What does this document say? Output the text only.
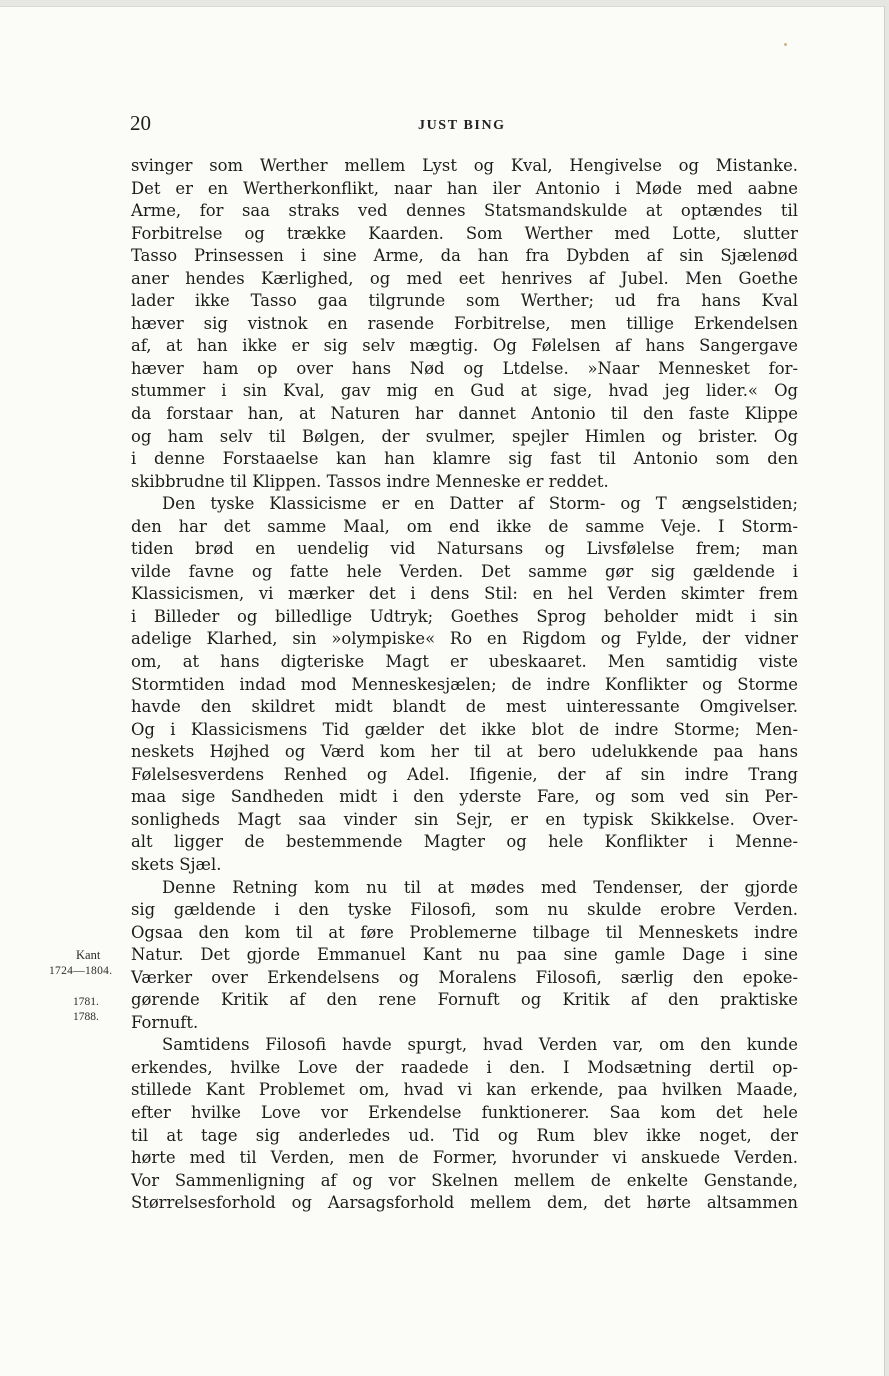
20	JUST BING
Kant
1724—1804.
1781.
1788.
svinger som Werther mellem Lyst og Kval, Hengivelse og Mistanke.
Det er en Wertherkonflikt, naar han iler Antonio i Møde med aabne
Arme, for saa straks ved dennes Statsmandskulde at optændes til
Forbitrelse og trække Kaarden. Som Werther med Lotte, slutter
Tasso Prinsessen i sine Arme, da han fra Dybden af sin Sjælenød
aner hendes Kærlighed, og med eet henrives af Jubel. Men Goethe
lader ikke Tasso gaa tilgrunde som Werther; ud fra hans Kval
hæver sig vistnok en rasende Forbitrelse, men tillige Erkendelsen
af, at han ikke er sig selv mægtig. Og Følelsen af hans Sangergave
hæver ham op over hans Nød og Ltdelse. »Naar Mennesket for-
stummer i sin Kval, gav mig en Gud at sige, hvad jeg lider.« Og
da forstaar han, at Naturen har dannet Antonio til den faste Klippe
og ham selv til Bølgen, der svulmer, spejler Himlen og brister. Og
i denne Forstaaelse kan han klamre sig fast til Antonio som den
skibbrudne til Klippen. Tassos indre Menneske er reddet.
Den tyske Klassicisme er en Datter af Storm- og T ængselstiden;
den har det samme Maal, om end ikke de samme Veje. I Storm-
tiden brød en uendelig vid Natursans og Livsfølelse frem; man
vilde favne og fatte hele Verden. Det samme gør sig gældende i
Klassicismen, vi mærker det i dens Stil: en hel Verden skimter frem
i Billeder og billedlige Udtryk; Goethes Sprog beholder midt i sin
adelige Klarhed, sin »olympiske« Ro en Rigdom og Fylde, der vidner
om, at hans digteriske Magt er ubeskaaret. Men samtidig viste
Stormtiden indad mod Menneskesjælen; de indre Konflikter og Storme
havde den skildret midt blandt de mest uinteressante Omgivelser.
Og i Klassicismens Tid gælder det ikke blot de indre Storme; Men-
neskets Højhed og Værd kom her til at bero udelukkende paa hans
Følelsesverdens Renhed og Adel. Ifigenie, der af sin indre Trang
maa sige Sandheden midt i den yderste Fare, og som ved sin Per-
sonligheds Magt saa vinder sin Sejr, er en typisk Skikkelse. Over-
alt ligger de bestemmende Magter og hele Konflikter i Menne-
skets Sjæl.
Denne Retning kom nu til at mødes med Tendenser, der gjorde
sig gældende i den tyske Filosofi, som nu skulde erobre Verden.
Ogsaa den kom til at føre Problemerne tilbage til Menneskets indre
Natur. Det gjorde Emmanuel Kant nu paa sine gamle Dage i sine
Værker over Erkendelsens og Moralens Filosofi, særlig den epoke-
gørende Kritik af den rene Fornuft og Kritik af den praktiske
Fornuft.
Samtidens Filosofi havde spurgt, hvad Verden var, om den kunde
erkendes, hvilke Love der raadede i den. I Modsætning dertil op-
stillede Kant Problemet om, hvad vi kan erkende, paa hvilken Maade,
efter hvilke Love vor Erkendelse funktionerer. Saa kom det hele
til at tage sig anderledes ud. Tid og Rum blev ikke noget, der
hørte med til Verden, men de Former, hvorunder vi anskuede Verden.
Vor Sammenligning af og vor Skelnen mellem de enkelte Genstande,
Størrelsesforhold og Aarsagsforhold mellem dem, det hørte altsammen
